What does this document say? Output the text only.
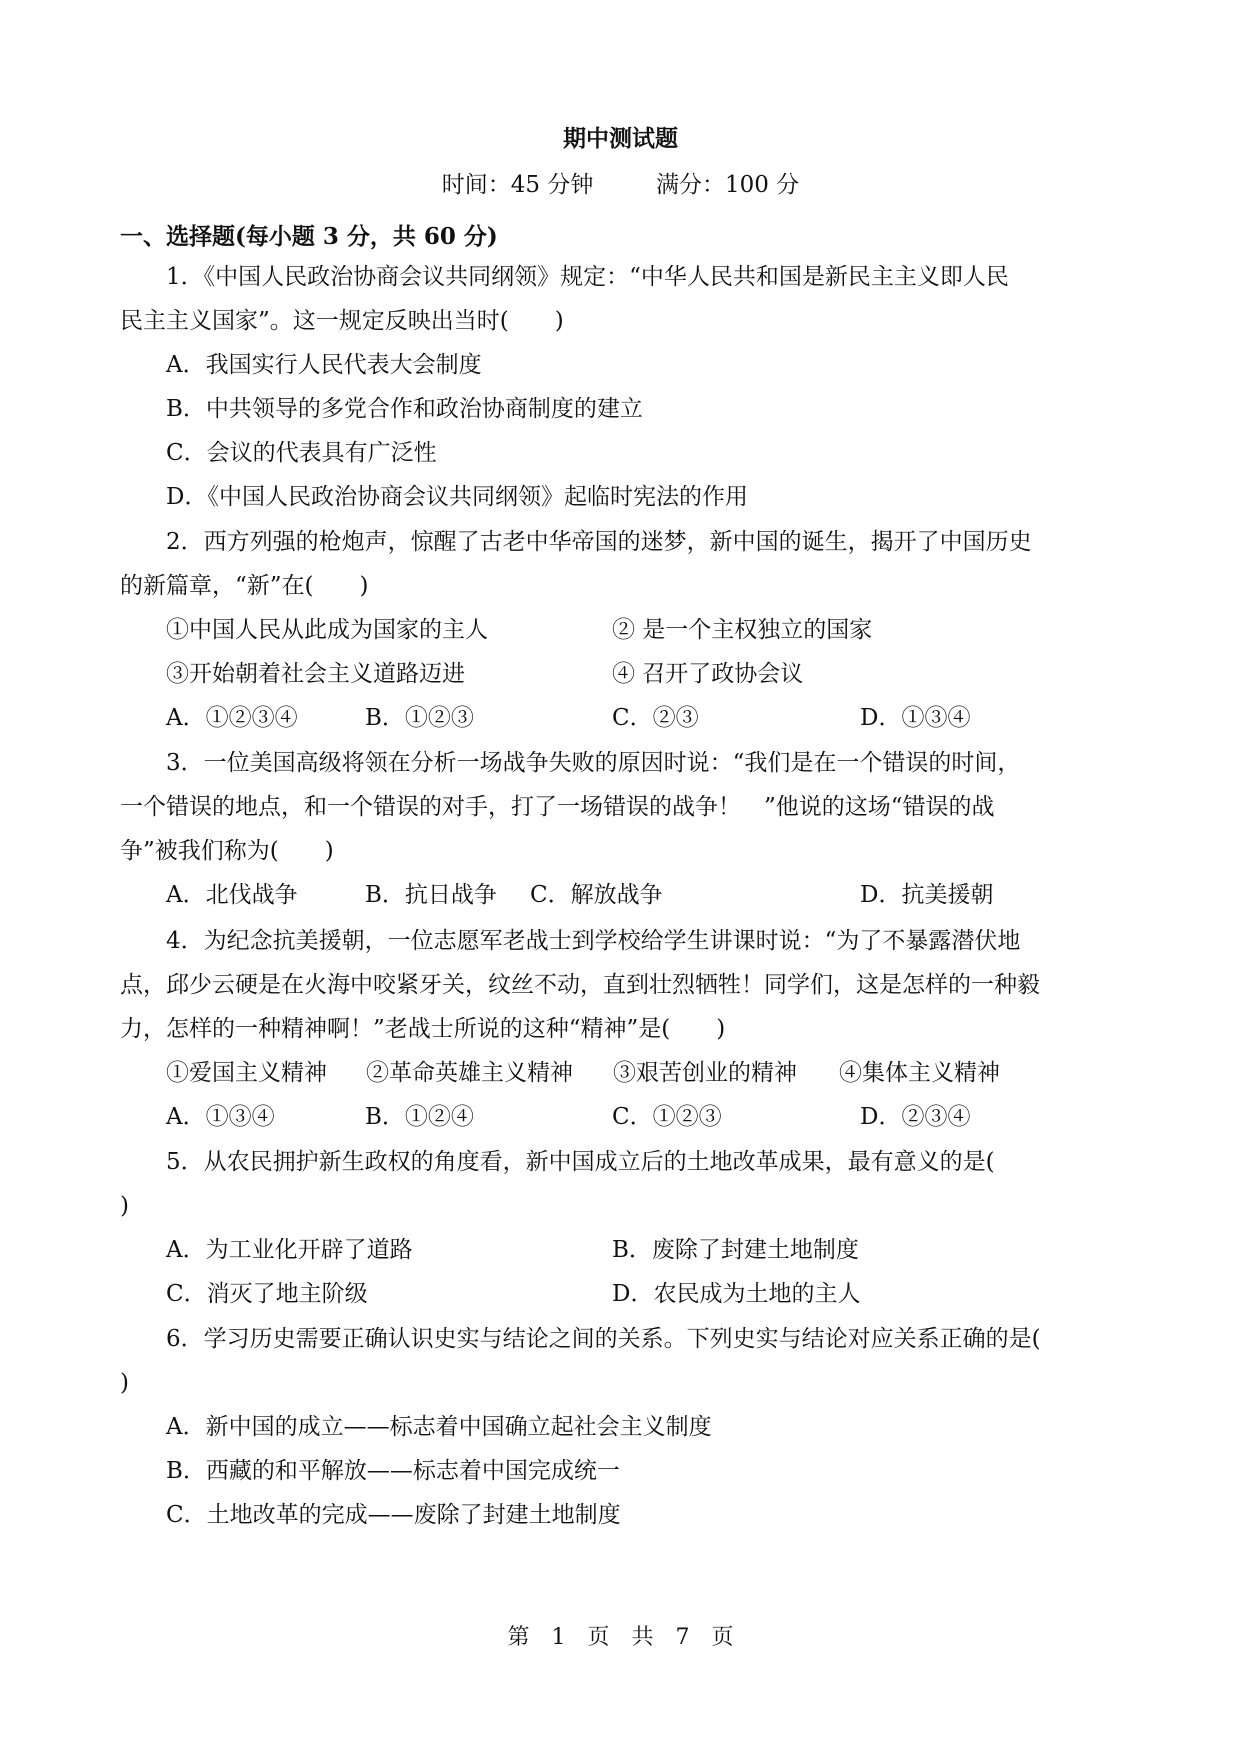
期中测试题
时间：45 分钟	满分：100 分
一、选择题(每小题 3 分，共 60 分)
1．《中国人民政治协商会议共同纲领》规定：“中华人民共和国是新民主主义即人民
民主主义国家”。这一规定反映出当时(　　)
A．我国实行人民代表大会制度
B．中共领导的多党合作和政治协商制度的建立
C．会议的代表具有广泛性
D．《中国人民政治协商会议共同纲领》起临时宪法的作用
2．西方列强的枪炮声，惊醒了古老中华帝国的迷梦，新中国的诞生，揭开了中国历史
的新篇章，“新”在(　　)
①中国人民从此成为国家的主人	② 是一个主权独立的国家
③开始朝着社会主义道路迈进	④ 召开了政协会议
A．①②③④	B．①②③	C．②③	D．①③④
3．一位美国高级将领在分析一场战争失败的原因时说：“我们是在一个错误的时间，
一个错误的地点，和一个错误的对手，打了一场错误的战争！　”他说的这场“错误的战
争”被我们称为(　　)
A．北伐战争	B．抗日战争 C．解放战争	D．抗美援朝
4．为纪念抗美援朝，一位志愿军老战士到学校给学生讲课时说：“为了不暴露潜伏地
点，邱少云硬是在火海中咬紧牙关，纹丝不动，直到壮烈牺牲！同学们，这是怎样的一种毅
力，怎样的一种精神啊！”老战士所说的这种“精神”是(　　)
①爱国主义精神 ②革命英雄主义精神 ③艰苦创业的精神 ④集体主义精神
A．①③④	B．①②④	C．①②③	D．②③④
5．从农民拥护新生政权的角度看，新中国成立后的土地改革成果，最有意义的是(
)
A．为工业化开辟了道路	B．废除了封建土地制度
C．消灭了地主阶级	D．农民成为土地的主人
6．学习历史需要正确认识史实与结论之间的关系。下列史实与结论对应关系正确的是(
)
A．新中国的成立——标志着中国确立起社会主义制度
B．西藏的和平解放——标志着中国完成统一
C．土地改革的完成——废除了封建土地制度
第　1　页　共　7　页
